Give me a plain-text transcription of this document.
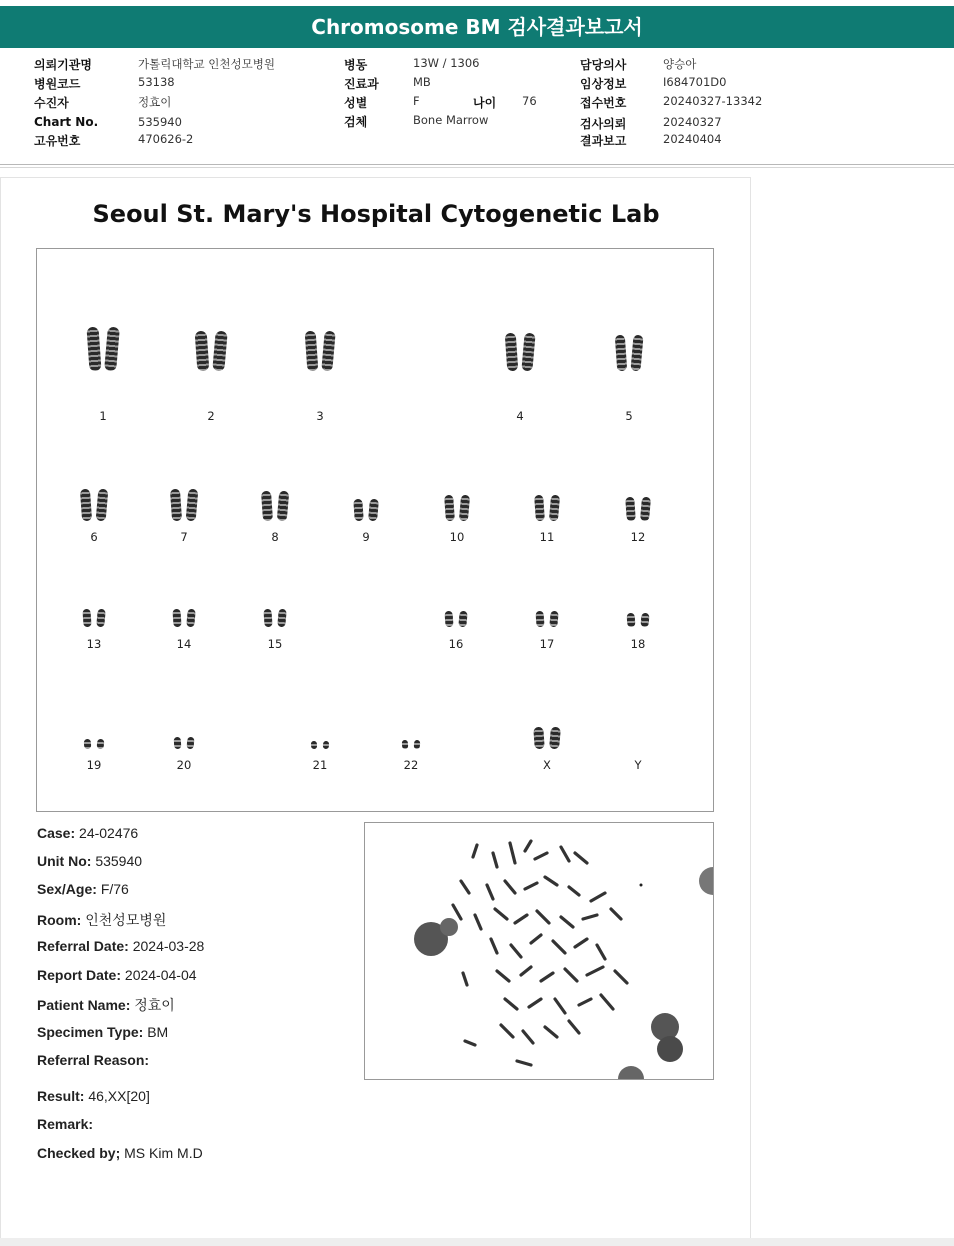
Chromosome BM 검사결과보고서
의뢰기관명	가톨릭대학교 인천성모병원
병원코드	53138
수진자	정효이
Chart No.	535940
고유번호	470626-2
병동	13W / 1306
진료과	MB
성별	F	나이 76
검체	Bone Marrow
담당의사	양승아
임상정보	I684701D0
접수번호	20240327-13342
검사의뢰	20240327
결과보고	20240404
Seoul St. Mary's Hospital Cytogenetic Lab
1	2	3	4	5
6	7	8	9	10	11	12
13	14	15	16	17	18
19	20	21	22	X	Y
Case: 24-02476
Unit No: 535940
Sex/Age: F/76
Room: 인천성모병원
Referral Date: 2024-03-28
Report Date: 2024-04-04
Patient Name: 정효이
Specimen Type: BM
Referral Reason:
Result: 46,XX[20]
Remark:
Checked by; MS Kim M.D
